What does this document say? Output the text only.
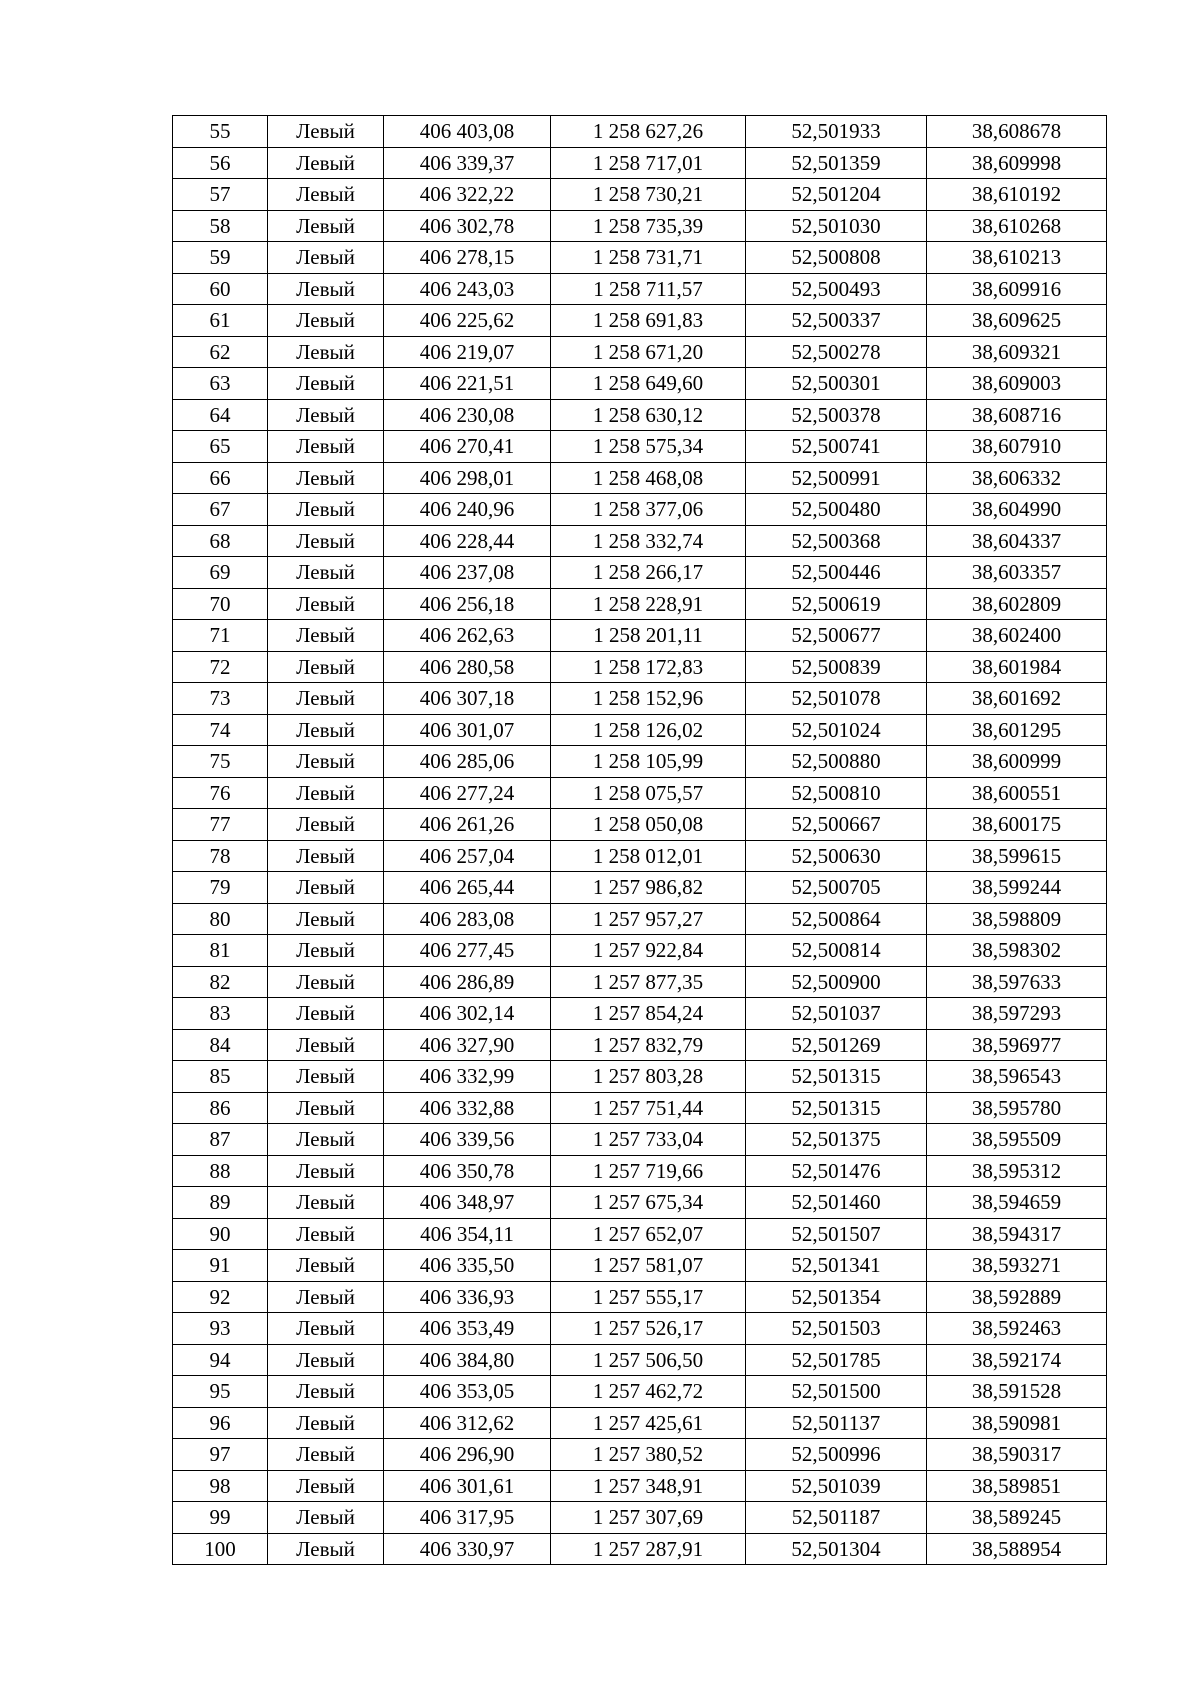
55	Левый	406 403,08	1 258 627,26	52,501933	38,608678
56	Левый	406 339,37	1 258 717,01	52,501359	38,609998
57	Левый	406 322,22	1 258 730,21	52,501204	38,610192
58	Левый	406 302,78	1 258 735,39	52,501030	38,610268
59	Левый	406 278,15	1 258 731,71	52,500808	38,610213
60	Левый	406 243,03	1 258 711,57	52,500493	38,609916
61	Левый	406 225,62	1 258 691,83	52,500337	38,609625
62	Левый	406 219,07	1 258 671,20	52,500278	38,609321
63	Левый	406 221,51	1 258 649,60	52,500301	38,609003
64	Левый	406 230,08	1 258 630,12	52,500378	38,608716
65	Левый	406 270,41	1 258 575,34	52,500741	38,607910
66	Левый	406 298,01	1 258 468,08	52,500991	38,606332
67	Левый	406 240,96	1 258 377,06	52,500480	38,604990
68	Левый	406 228,44	1 258 332,74	52,500368	38,604337
69	Левый	406 237,08	1 258 266,17	52,500446	38,603357
70	Левый	406 256,18	1 258 228,91	52,500619	38,602809
71	Левый	406 262,63	1 258 201,11	52,500677	38,602400
72	Левый	406 280,58	1 258 172,83	52,500839	38,601984
73	Левый	406 307,18	1 258 152,96	52,501078	38,601692
74	Левый	406 301,07	1 258 126,02	52,501024	38,601295
75	Левый	406 285,06	1 258 105,99	52,500880	38,600999
76	Левый	406 277,24	1 258 075,57	52,500810	38,600551
77	Левый	406 261,26	1 258 050,08	52,500667	38,600175
78	Левый	406 257,04	1 258 012,01	52,500630	38,599615
79	Левый	406 265,44	1 257 986,82	52,500705	38,599244
80	Левый	406 283,08	1 257 957,27	52,500864	38,598809
81	Левый	406 277,45	1 257 922,84	52,500814	38,598302
82	Левый	406 286,89	1 257 877,35	52,500900	38,597633
83	Левый	406 302,14	1 257 854,24	52,501037	38,597293
84	Левый	406 327,90	1 257 832,79	52,501269	38,596977
85	Левый	406 332,99	1 257 803,28	52,501315	38,596543
86	Левый	406 332,88	1 257 751,44	52,501315	38,595780
87	Левый	406 339,56	1 257 733,04	52,501375	38,595509
88	Левый	406 350,78	1 257 719,66	52,501476	38,595312
89	Левый	406 348,97	1 257 675,34	52,501460	38,594659
90	Левый	406 354,11	1 257 652,07	52,501507	38,594317
91	Левый	406 335,50	1 257 581,07	52,501341	38,593271
92	Левый	406 336,93	1 257 555,17	52,501354	38,592889
93	Левый	406 353,49	1 257 526,17	52,501503	38,592463
94	Левый	406 384,80	1 257 506,50	52,501785	38,592174
95	Левый	406 353,05	1 257 462,72	52,501500	38,591528
96	Левый	406 312,62	1 257 425,61	52,501137	38,590981
97	Левый	406 296,90	1 257 380,52	52,500996	38,590317
98	Левый	406 301,61	1 257 348,91	52,501039	38,589851
99	Левый	406 317,95	1 257 307,69	52,501187	38,589245
100	Левый	406 330,97	1 257 287,91	52,501304	38,588954
